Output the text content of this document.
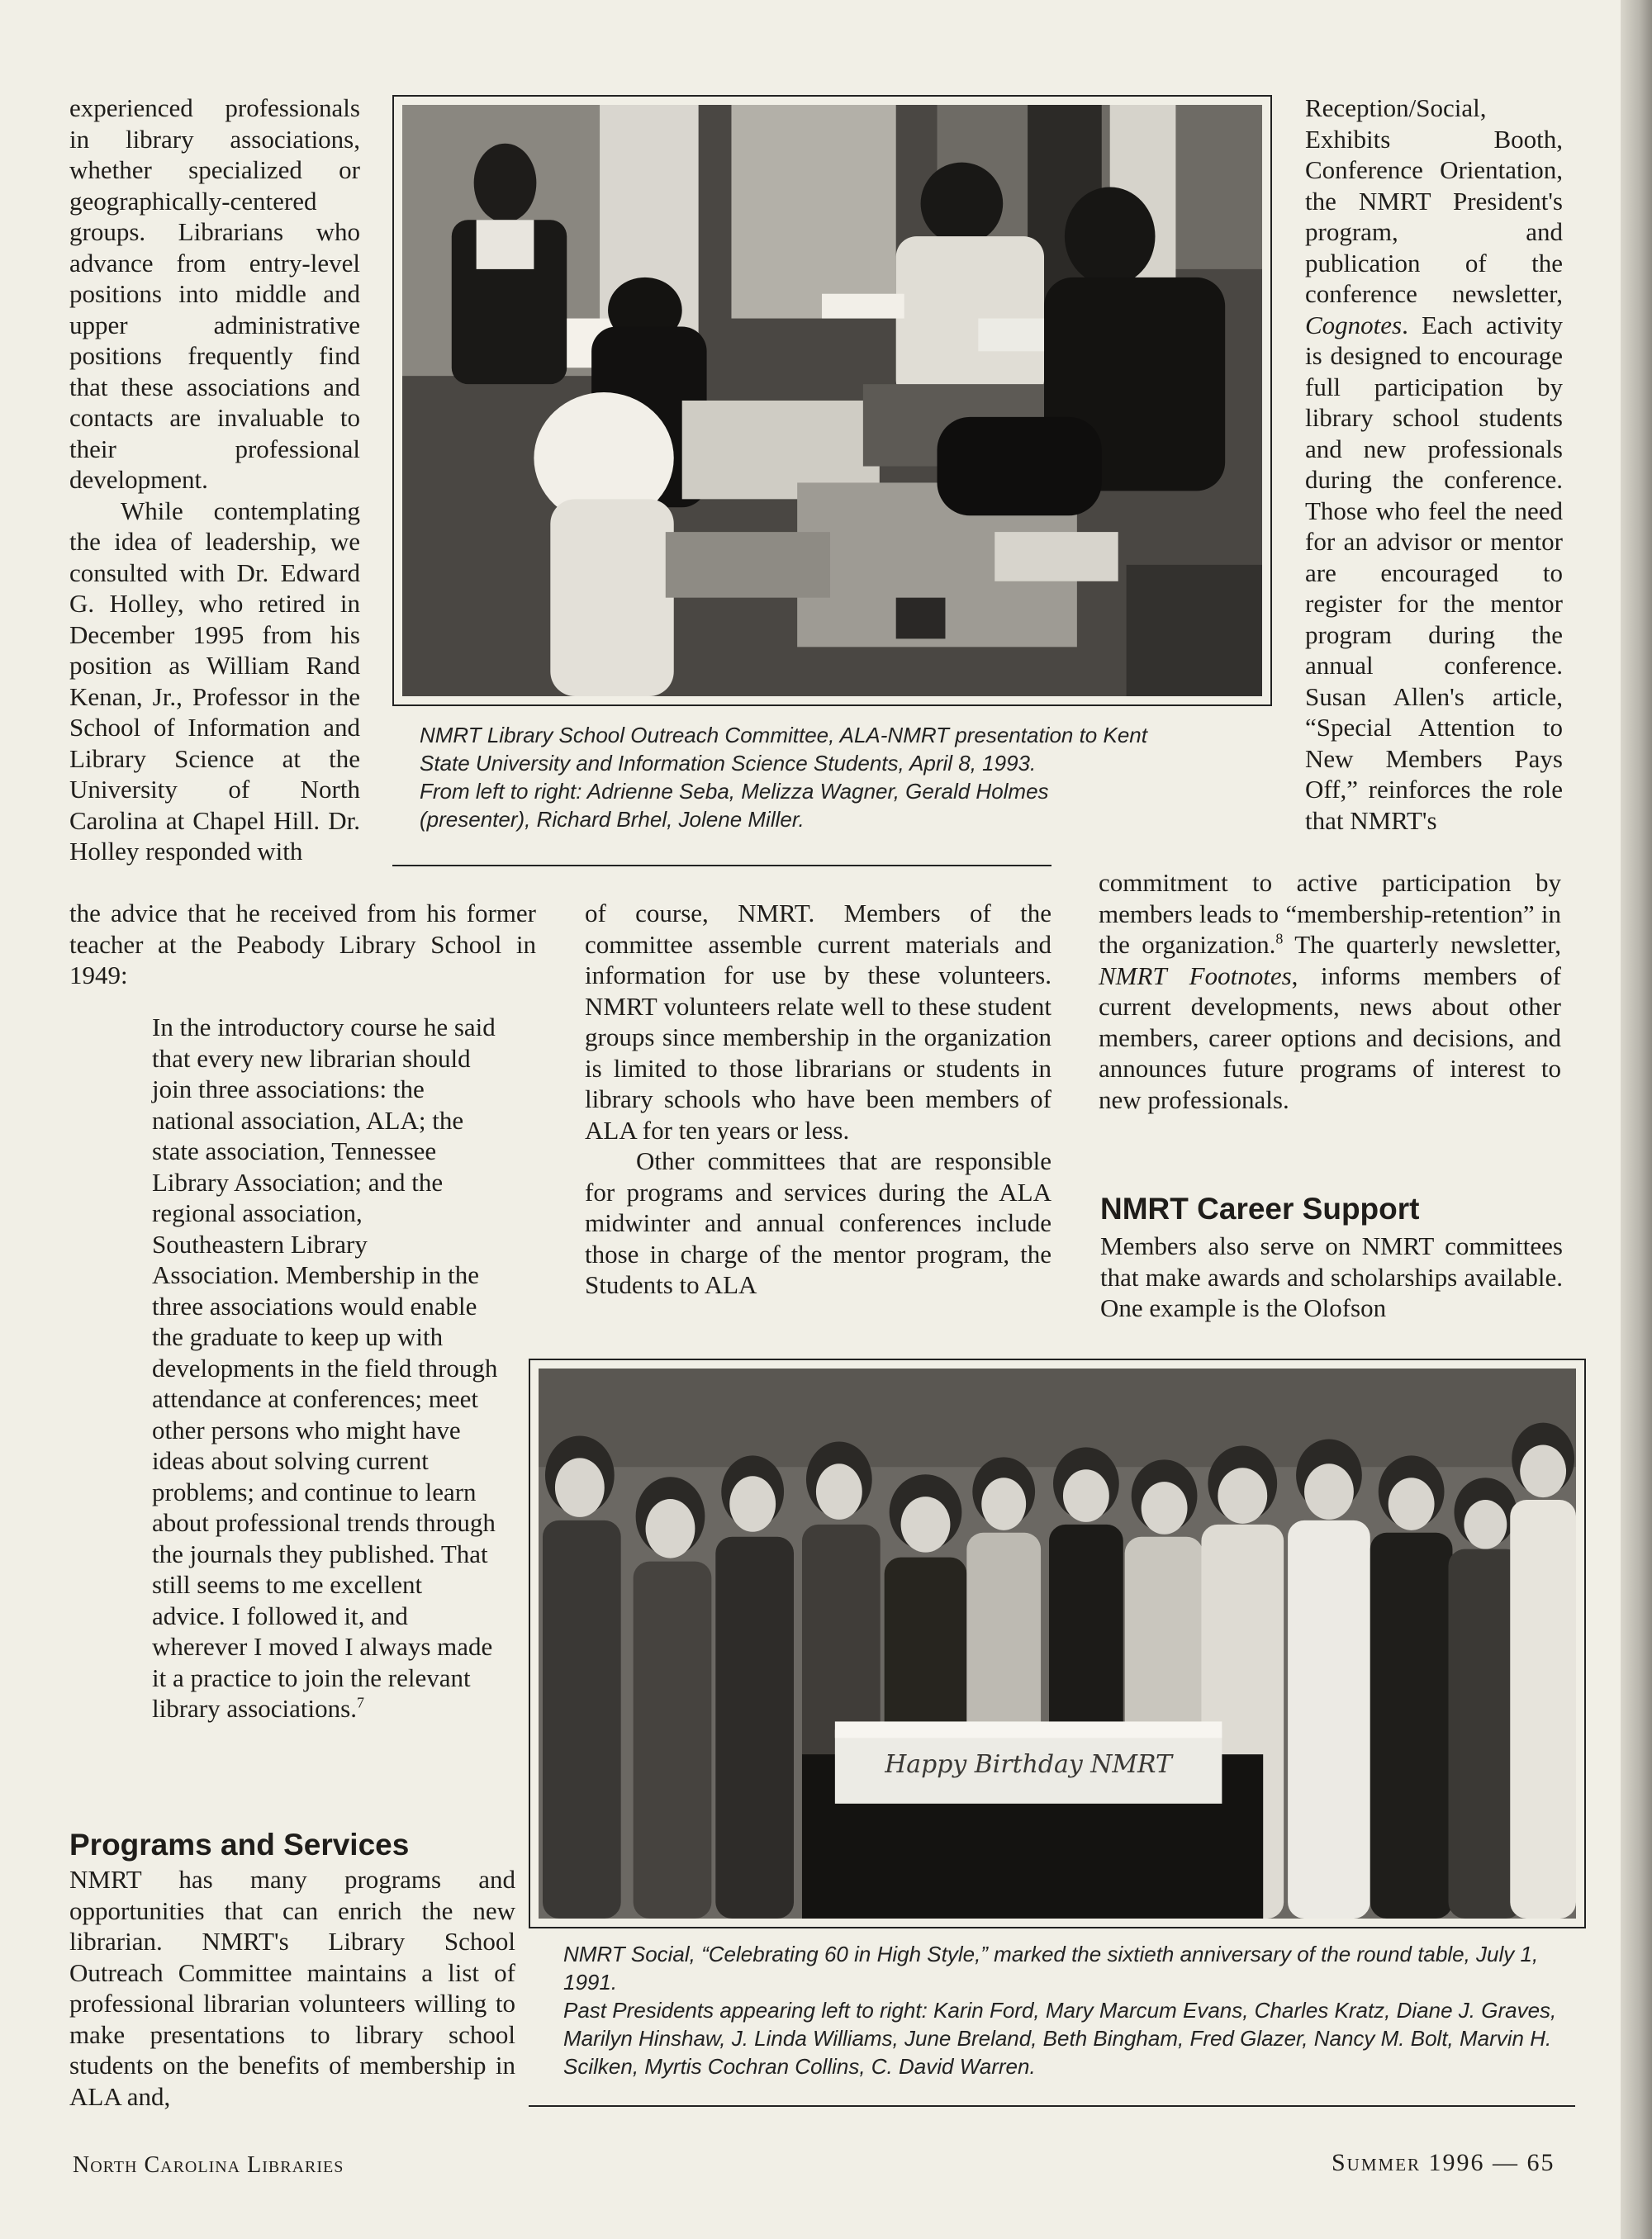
experienced professionals in library associations, whether specialized or geographically-centered groups. Librarians who advance from entry-level positions into middle and upper administrative positions frequently find that these associations and contacts are invaluable to their professional development.

While contemplating the idea of leadership, we consulted with Dr. Edward G. Holley, who retired in December 1995 from his position as William Rand Kenan, Jr., Professor in the School of Information and Library Science at the University of North Carolina at Chapel Hill. Dr. Holley responded with

the advice that he received from his former teacher at the Peabody Library School in 1949:

In the introductory course he said that every new librarian should join three associations: the national association, ALA; the state association, Tennessee Library Association; and the regional association, Southeastern Library Association. Membership in the three associations would enable the graduate to keep up with developments in the field through attendance at conferences; meet other persons who might have ideas about solving current problems; and continue to learn about professional trends through the journals they published. That still seems to me excellent advice. I followed it, and wherever I moved I always made it a practice to join the relevant library associations.$^7$
Programs and Services

NMRT has many programs and opportunities that can enrich the new librarian. NMRT's Library School Outreach Committee maintains a list of professional librarian volunteers willing to make presentations to library school students on the benefits of membership in ALA and,

NMRT Library School Outreach Committee, ALA-NMRT presentation to Kent State University and Information Science Students, April 8, 1993.

From left to right: Adrienne Seba, Melizza Wagner, Gerald Holmes (presenter), Richard Brhel, Jolene Miller.

of course, NMRT. Members of the committee assemble current materials and information for use by these volunteers. NMRT volunteers relate well to these student groups since membership in the organization is limited to those librarians or students in library schools who have been members of ALA for ten years or less.

Other committees that are responsible for programs and services during the ALA midwinter and annual conferences include those in charge of the mentor program, the Students to ALA

Reception/Social, Exhibits Booth, Conference Orientation, the NMRT President's program, and publication of the conference newsletter, Cognotes. Each activity is designed to encourage full participation by library school students and new professionals during the conference. Those who feel the need for an advisor or mentor are encouraged to register for the mentor program during the annual conference. Susan Allen's article, “Special Attention to New Members Pays Off,” reinforces the role that NMRT's

commitment to active participation by members leads to “membership-retention” in the organization.$^8$ The quarterly newsletter, NMRT Footnotes, informs members of current developments, news about other members, career options and decisions, and announces future programs of interest to new professionals.

NMRT Career Support

Members also serve on NMRT committees that make awards and scholarships available. One example is the Olofson

Happy Birthday NMRT

NMRT Social, “Celebrating 60 in High Style,” marked the sixtieth anniversary of the round table, July 1, 1991.

Past Presidents appearing left to right: Karin Ford, Mary Marcum Evans, Charles Kratz, Diane J. Graves, Marilyn Hinshaw, J. Linda Williams, June Breland, Beth Bingham, Fred Glazer, Nancy M. Bolt, Marvin H. Scilken, Myrtis Cochran Collins, C. David Warren.

North Carolina Libraries	Summer 1996 — 65
